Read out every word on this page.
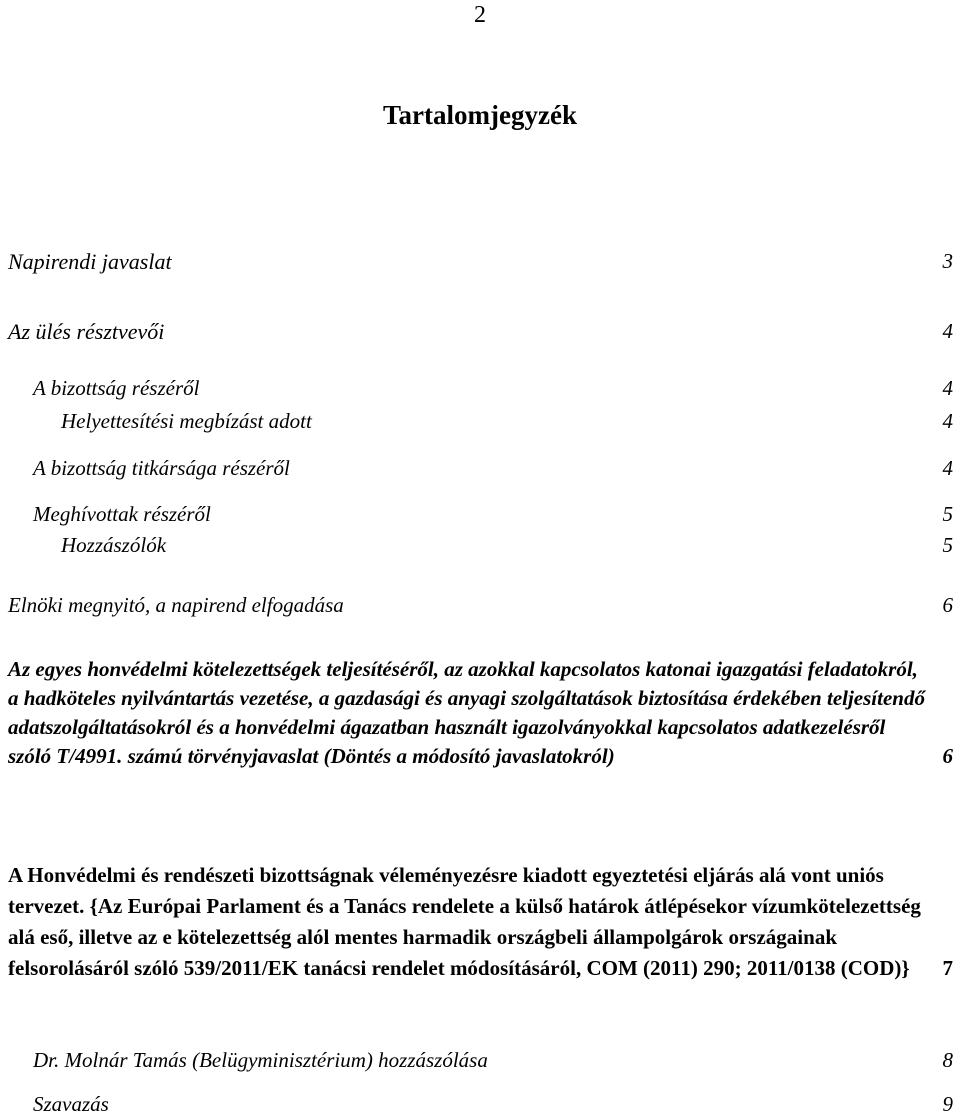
2
Tartalomjegyzék
Napirendi javaslat	3
Az ülés résztvevői	4
A bizottság részéről	4
Helyettesítési megbízást adott	4
A bizottság titkársága részéről	4
Meghívottak részéről	5
Hozzászólók	5
Elnöki megnyitó, a napirend elfogadása	6
Az egyes honvédelmi kötelezettségek teljesítéséről, az azokkal kapcsolatos katonai igazgatási feladatokról, a hadköteles nyilvántartás vezetése, a gazdasági és anyagi szolgáltatások biztosítása érdekében teljesítendő adatszolgáltatásokról és a honvédelmi ágazatban használt igazolványokkal kapcsolatos adatkezelésről szóló T/4991. számú törvényjavaslat (Döntés a módosító javaslatokról)	6
A Honvédelmi és rendészeti bizottságnak véleményezésre kiadott egyeztetési eljárás alá vont uniós tervezet. {Az Európai Parlament és a Tanács rendelete a külső határok átlépésekor vízumkötelezettség alá eső, illetve az e kötelezettség alól mentes harmadik országbeli állampolgárok országainak felsorolásáról szóló 539/2011/EK tanácsi rendelet módosításáról, COM (2011) 290; 2011/0138 (COD)}	7
Dr. Molnár Tamás (Belügyminisztérium) hozzászólása	8
Szavazás	9
